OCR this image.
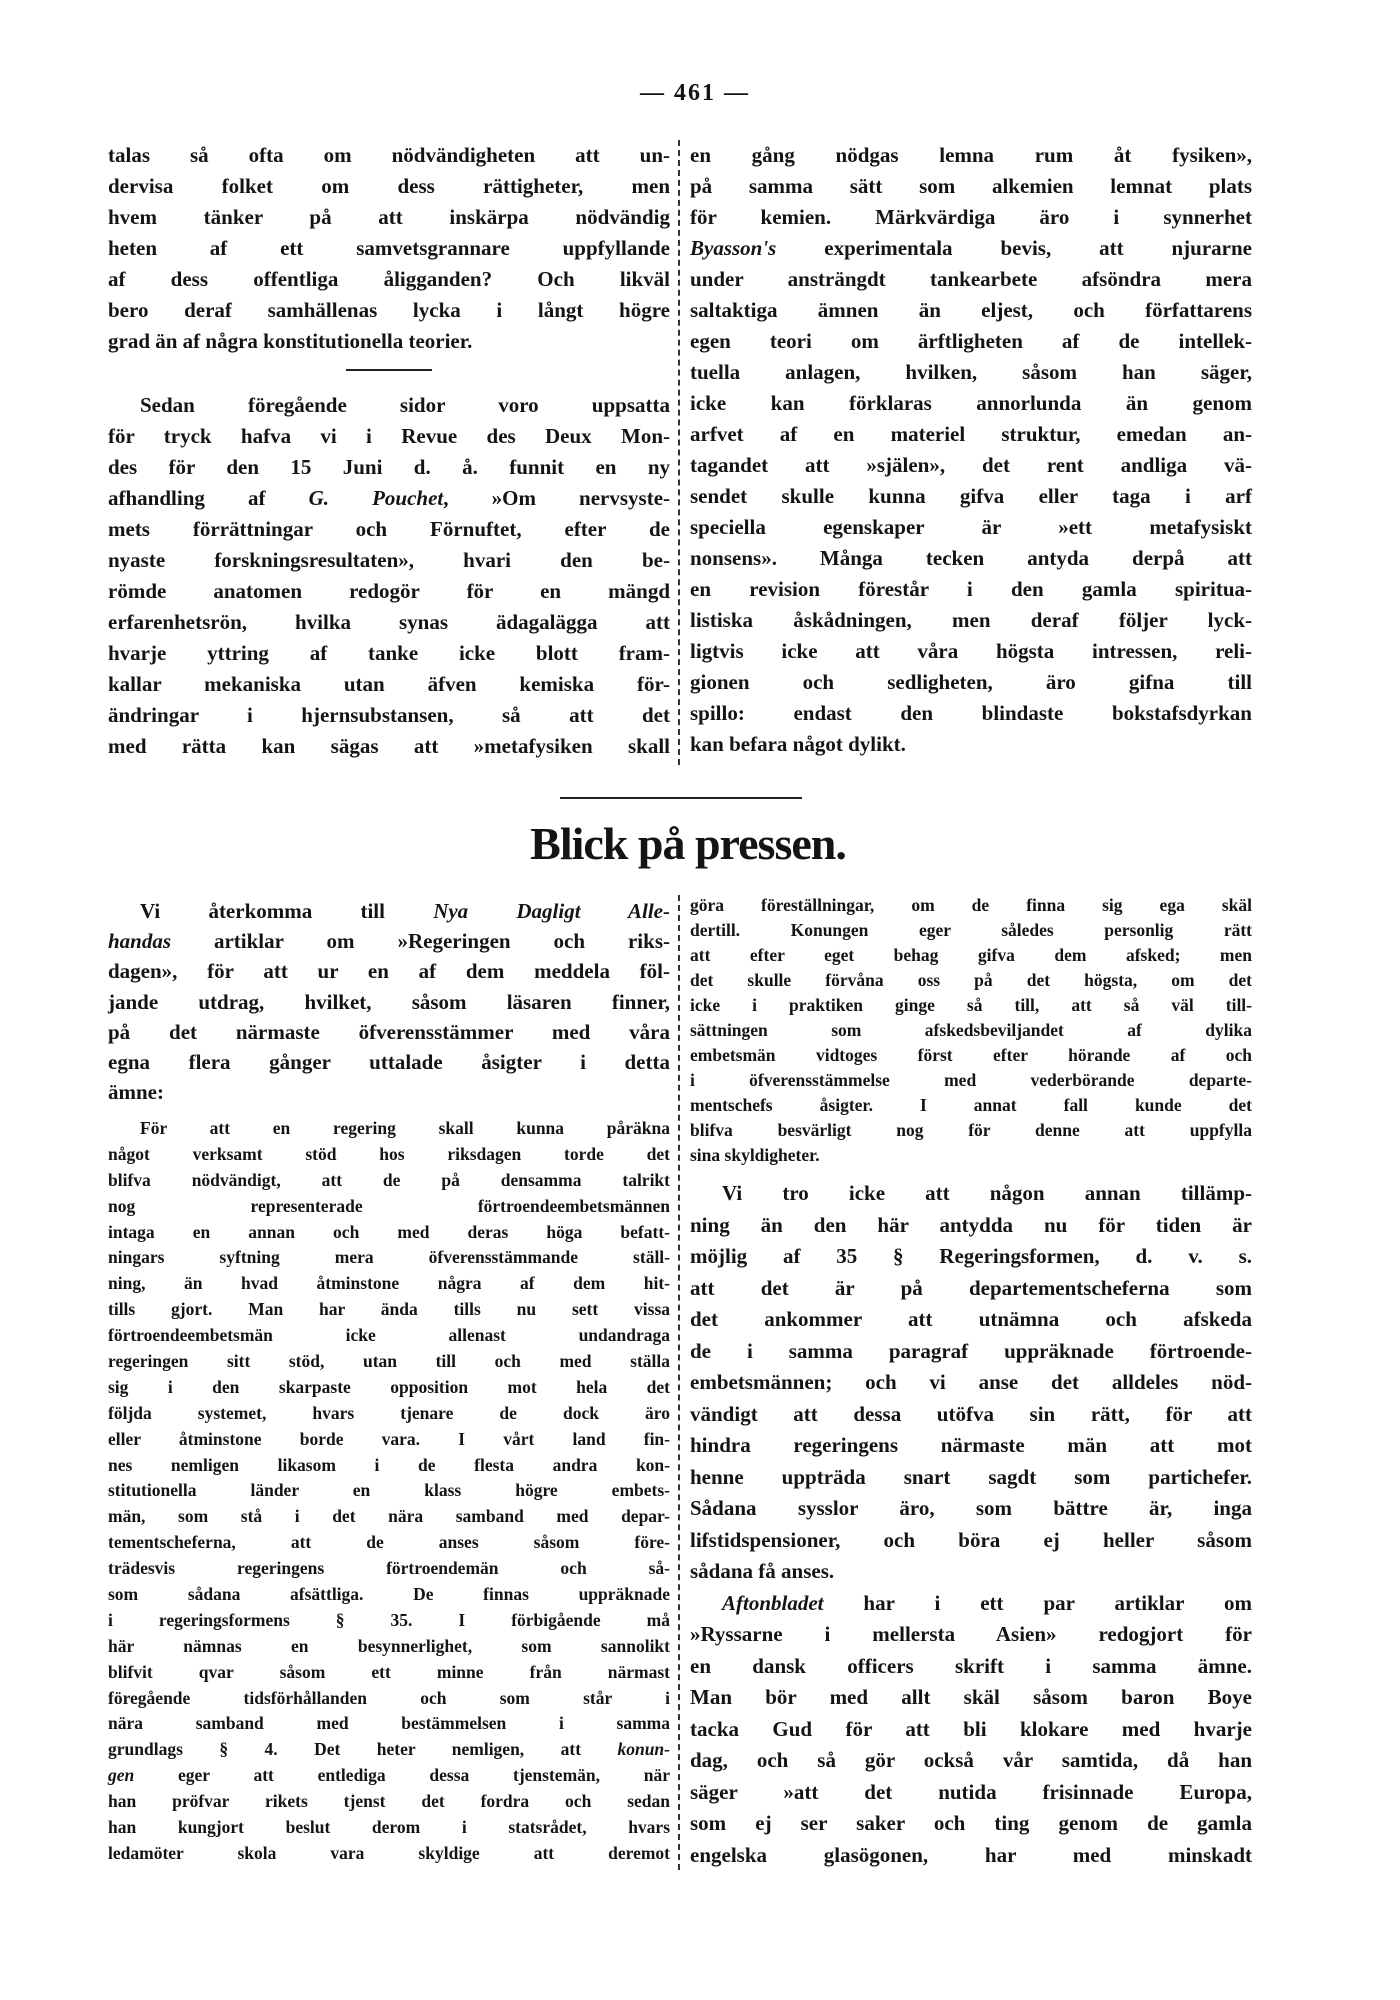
— 461 —
talas så ofta om nödvändigheten att un-
dervisa folket om dess rättigheter, men
hvem tänker på att inskärpa nödvändig
heten af ett samvetsgrannare uppfyllande
af dess offentliga åligganden? Och likväl
bero deraf samhällenas lycka i långt högre
grad än af några konstitutionella teorier.
Sedan föregående sidor voro uppsatta
för tryck hafva vi i Revue des Deux Mon-
des för den 15 Juni d. å. funnit en ny
afhandling af G. Pouchet, »Om nervsyste-
mets förrättningar och Förnuftet, efter de
nyaste forskningsresultaten», hvari den be-
römde anatomen redogör för en mängd
erfarenhetsrön, hvilka synas ädagalägga att
hvarje yttring af tanke icke blott fram-
kallar mekaniska utan äfven kemiska för-
ändringar i hjernsubstansen, så att det
med rätta kan sägas att »metafysiken skall
en gång nödgas lemna rum åt fysiken»,
på samma sätt som alkemien lemnat plats
för kemien. Märkvärdiga äro i synnerhet
Byasson's experimentala bevis, att njurarne
under ansträngdt tankearbete afsöndra mera
saltaktiga ämnen än eljest, och författarens
egen teori om ärftligheten af de intellek-
tuella anlagen, hvilken, såsom han säger,
icke kan förklaras annorlunda än genom
arfvet af en materiel struktur, emedan an-
tagandet att »själen», det rent andliga vä-
sendet skulle kunna gifva eller taga i arf
speciella egenskaper är »ett metafysiskt
nonsens». Många tecken antyda derpå att
en revision förestår i den gamla spiritua-
listiska åskådningen, men deraf följer lyck-
ligtvis icke att våra högsta intressen, reli-
gionen och sedligheten, äro gifna till
spillo: endast den blindaste bokstafsdyrkan
kan befara något dylikt.
Blick på pressen.
Vi återkomma till Nya Dagligt Alle-
handas artiklar om »Regeringen och riks-
dagen», för att ur en af dem meddela föl-
jande utdrag, hvilket, såsom läsaren finner,
på det närmaste öfverensstämmer med våra
egna flera gånger uttalade åsigter i detta
ämne:
För att en regering skall kunna påräkna
något verksamt stöd hos riksdagen torde det
blifva nödvändigt, att de på densamma talrikt
nog representerade förtroendeembetsmännen
intaga en annan och med deras höga befatt-
ningars syftning mera öfverensstämmande ställ-
ning, än hvad åtminstone några af dem hit-
tills gjort. Man har ända tills nu sett vissa
förtroendeembetsmän icke allenast undandraga
regeringen sitt stöd, utan till och med ställa
sig i den skarpaste opposition mot hela det
följda systemet, hvars tjenare de dock äro
eller åtminstone borde vara. I vårt land fin-
nes nemligen likasom i de flesta andra kon-
stitutionella länder en klass högre embets-
män, som stå i det nära samband med depar-
tementscheferna, att de anses såsom före-
trädesvis regeringens förtroendemän och så-
som sådana afsättliga. De finnas uppräknade
i regeringsformens § 35. I förbigående må
här nämnas en besynnerlighet, som sannolikt
blifvit qvar såsom ett minne från närmast
föregående tidsförhållanden och som står i
nära samband med bestämmelsen i samma
grundlags § 4. Det heter nemligen, att konun-
gen eger att entlediga dessa tjenstemän, när
han pröfvar rikets tjenst det fordra och sedan
han kungjort beslut derom i statsrådet, hvars
ledamöter skola vara skyldige att deremot
göra föreställningar, om de finna sig ega skäl
dertill. Konungen eger således personlig rätt
att efter eget behag gifva dem afsked; men
det skulle förvåna oss på det högsta, om det
icke i praktiken ginge så till, att så väl till-
sättningen som afskedsbeviljandet af dylika
embetsmän vidtoges först efter hörande af och
i öfverensstämmelse med vederbörande departe-
mentschefs åsigter. I annat fall kunde det
blifva besvärligt nog för denne att uppfylla
sina skyldigheter.
Vi tro icke att någon annan tillämp-
ning än den här antydda nu för tiden är
möjlig af 35 § Regeringsformen, d. v. s.
att det är på departementscheferna som
det ankommer att utnämna och afskeda
de i samma paragraf uppräknade förtroende-
embetsmännen; och vi anse det alldeles nöd-
vändigt att dessa utöfva sin rätt, för att
hindra regeringens närmaste män att mot
henne uppträda snart sagdt som partichefer.
Sådana sysslor äro, som bättre är, inga
lifstidspensioner, och böra ej heller såsom
sådana få anses.
Aftonbladet har i ett par artiklar om
»Ryssarne i mellersta Asien» redogjort för
en dansk officers skrift i samma ämne.
Man bör med allt skäl såsom baron Boye
tacka Gud för att bli klokare med hvarje
dag, och så gör också vår samtida, då han
säger »att det nutida frisinnade Europa,
som ej ser saker och ting genom de gamla
engelska glasögonen, har med minskadt
